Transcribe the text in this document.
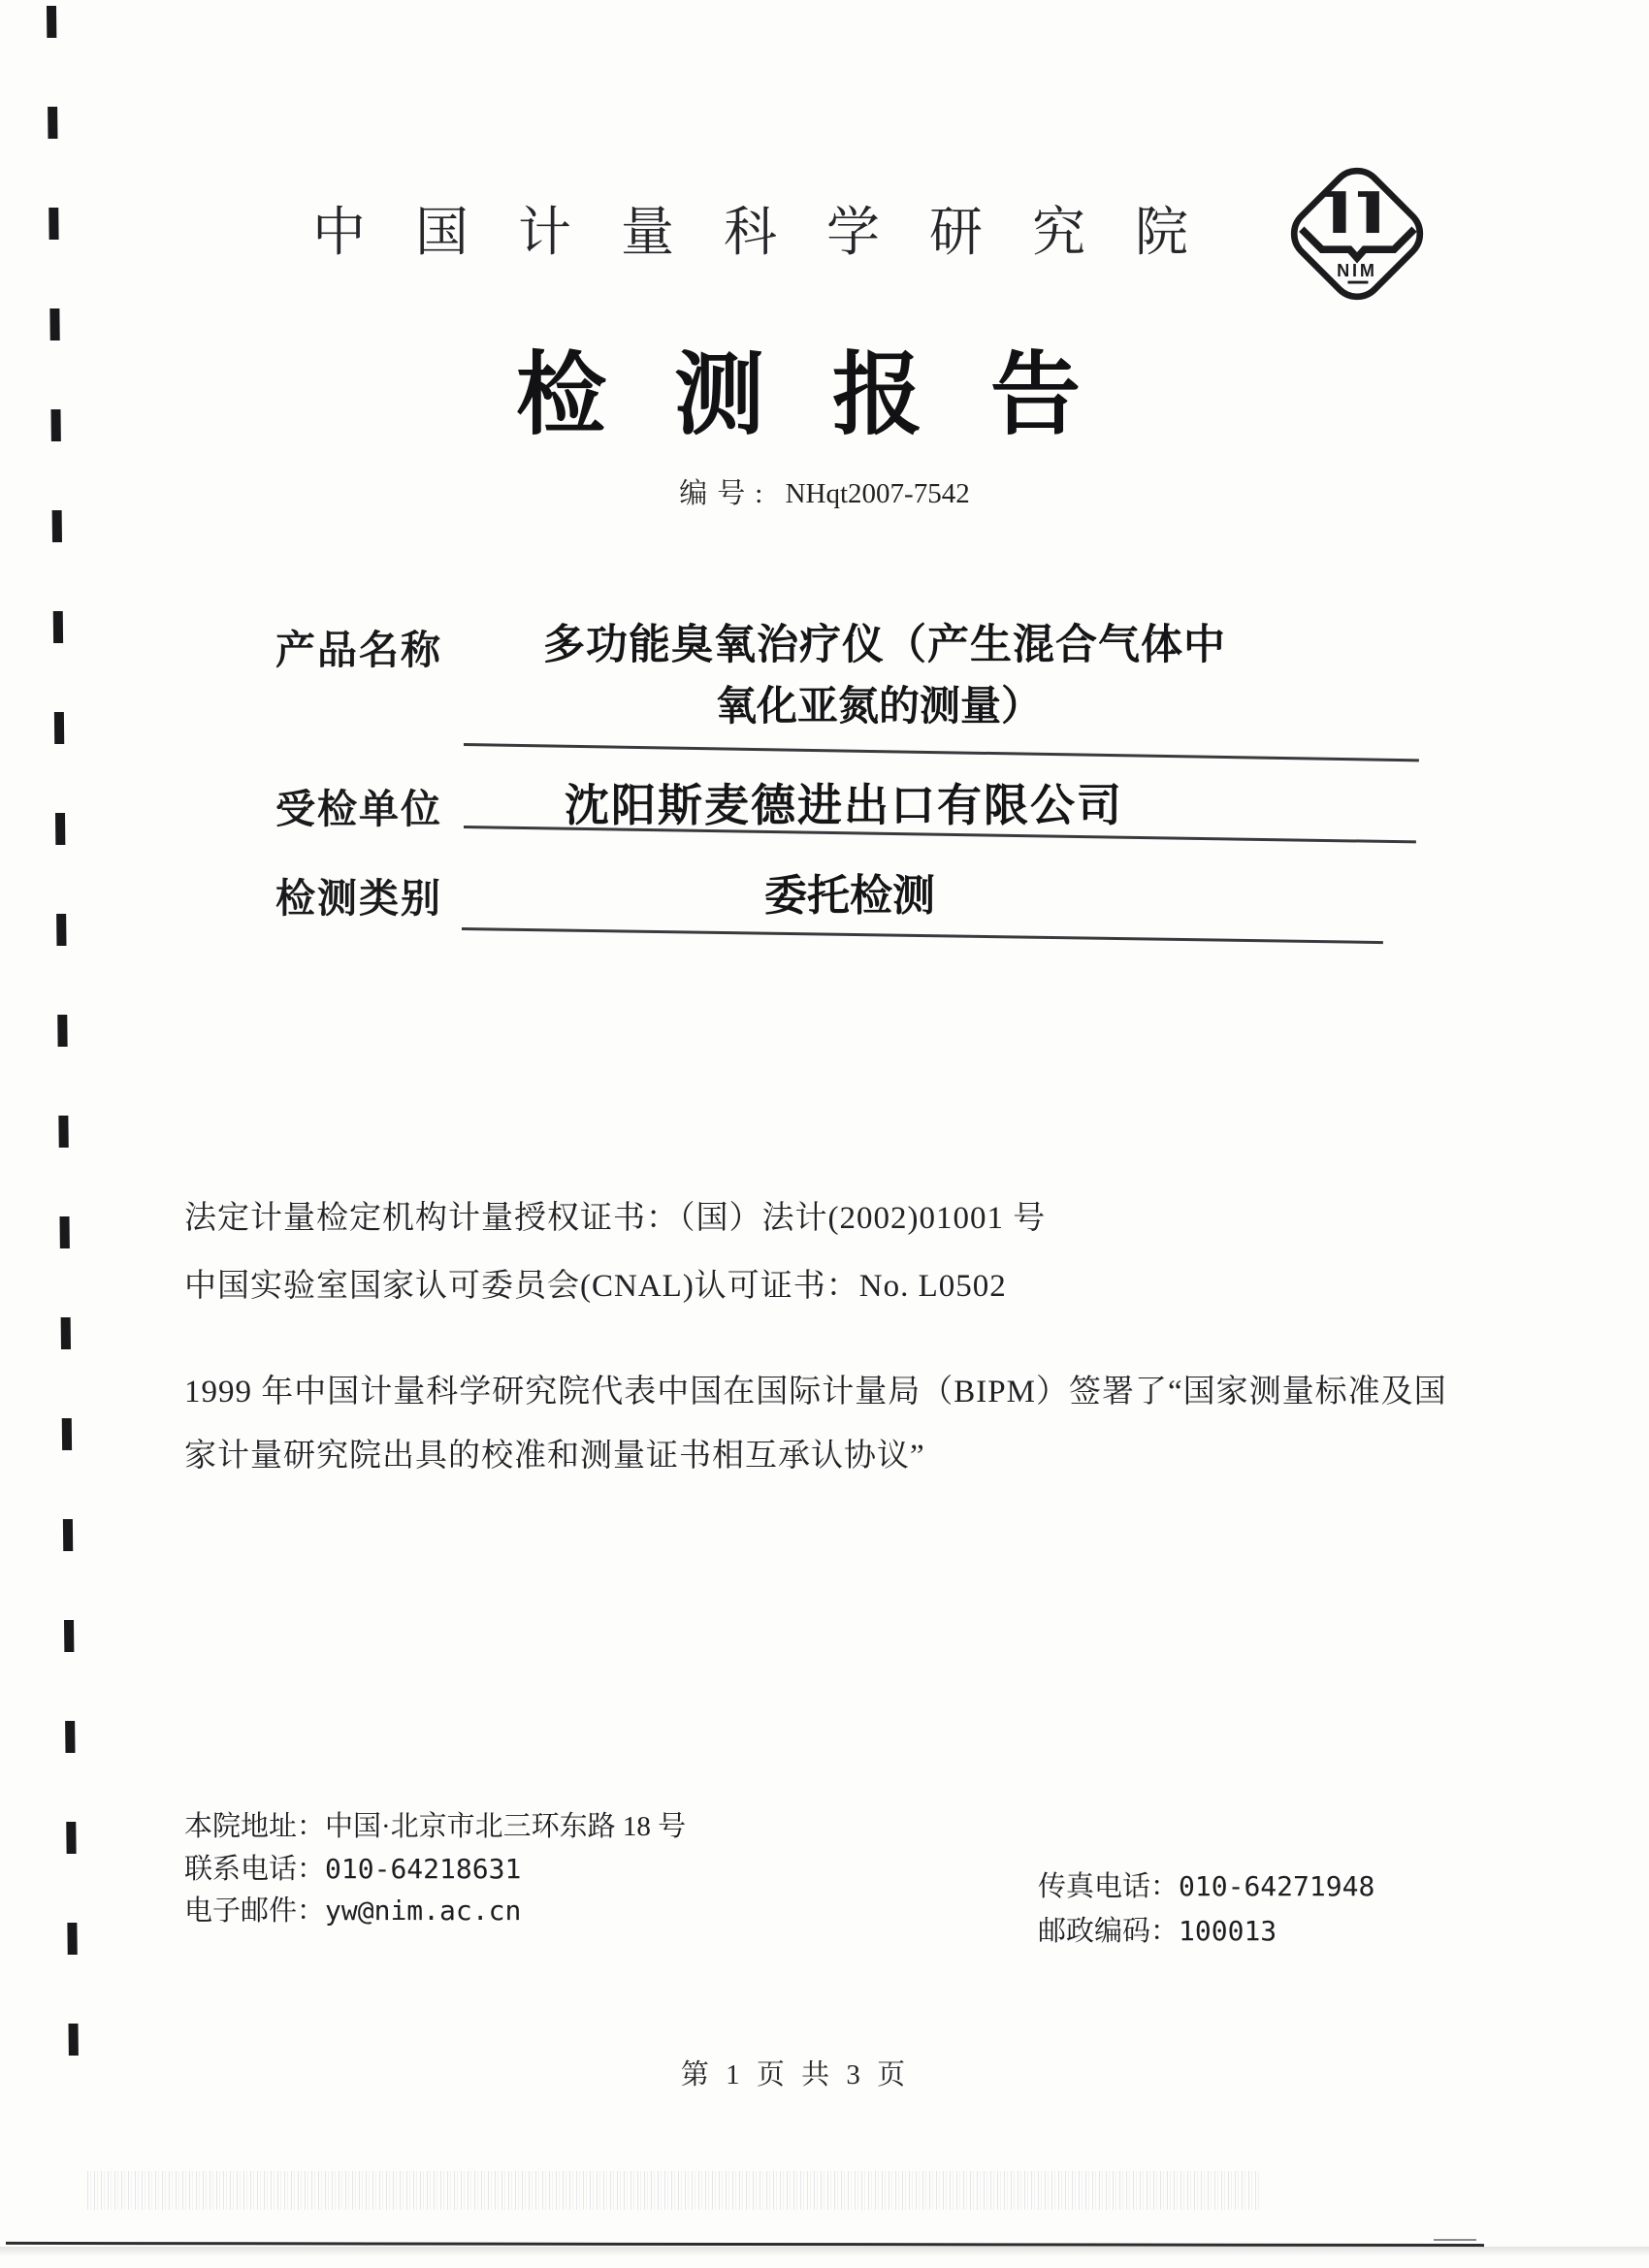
中国计量科学研究院
NIM
检测报告
编号: NHqt2007-7542
产品名称 多功能臭氧治疗仪（产生混合气体中
氧化亚氮的测量）
受检单位	沈阳斯麦德进出口有限公司
检测类别	委托检测
法定计量检定机构计量授权证书：（国）法计(2002)01001 号
中国实验室国家认可委员会(CNAL)认可证书：No. L0502
1999 年中国计量科学研究院代表中国在国际计量局（BIPM）签署了“国家测量标准及国家计量研究院出具的校准和测量证书相互承认协议”
本院地址：中国·北京市北三环东路 18 号
联系电话：010-64218631
电子邮件：yw@nim.ac.cn
传真电话：010-64271948
邮政编码：100013
第 1 页 共 3 页
